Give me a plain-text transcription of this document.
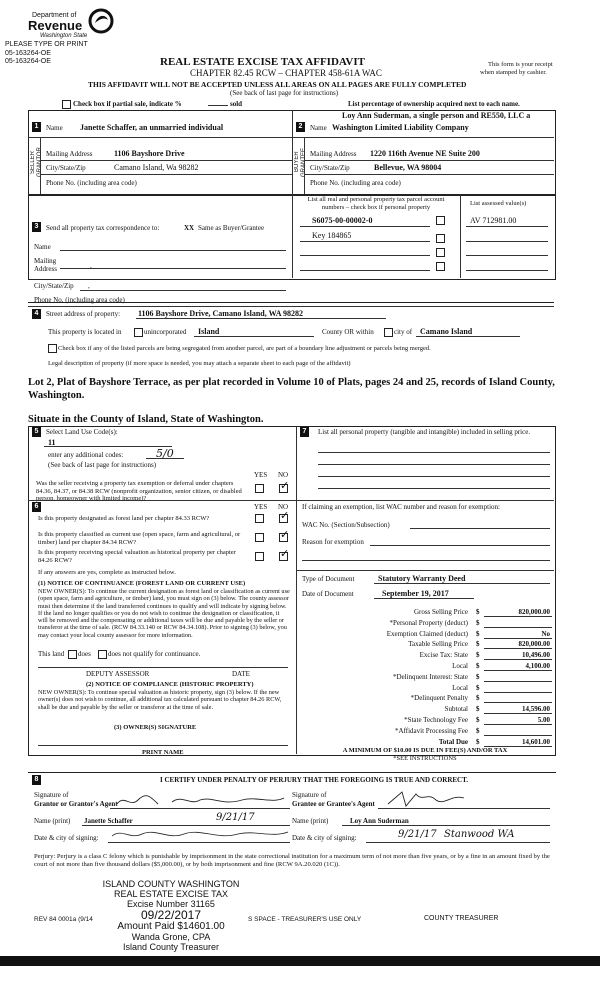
Department of
Revenue
Washington State
PLEASE TYPE OR PRINT
05-163264-OE
05-163264-OE	REAL ESTATE EXCISE TAX AFFIDAVIT
CHAPTER 82.45 RCW – CHAPTER 458-61A WAC
This form is your receipt
when stamped by cashier.
THIS AFFIDAVIT WILL NOT BE ACCEPTED UNLESS ALL AREAS ON ALL PAGES ARE FULLY COMPLETED
(See back of last page for instructions)
Check box if partial sale, indicate %	sold	List percentage of ownership acquired next to each name.
1	Name Janette Schaffer, an unmarried individual
SELLER GRANTOR Mailing Address	1106 Bayshore Drive
City/State/Zip	Camano Island, Wa 98282
Phone No. (including area code)
Loy Ann Suderman, a single person and RE550, LLC a
2	Name Washington Limited Liability Company
BUYER GRANTEE Mailing Address 1220 116th Avenue NE Suite 200
City/State/Zip	Bellevue, WA 98004
Phone No. (including area code)
3	Send all property tax correspondence to:	XX Same as Buyer/Grantee
Name
Mailing Address	,
List all real and personal property tax parcel account numbers – check box if personal property	List assessed value(s)
S6075-00-00002-0	AV 712981.00
Key 184865
City/State/Zip ,
Phone No. (including area code)
4	Street address of property: 1106 Bayshore Drive, Camano Island, WA 98282
This property is located in	unincorporated Island	County OR within	city of Camano Island
Check box if any of the listed parcels are being segregated from another parcel, are part of a boundary line adjustment or parcels being merged.
Legal description of property (if more space is needed, you may attach a separate sheet to each page of the affidavit)
Lot 2, Plat of Bayshore Terrace, as per plat recorded in Volume 10 of Plats, pages 24 and 25, records of Island County, Washington.
Situate in the County of Island, State of Washington.
5	Select Land Use Code(s):
11
enter any additional codes:	5/0
(See back of last page for instructions)
YES NO
Was the seller receiving a property tax exemption or deferral under chapters 84.36, 84.37, or 84.38 RCW (nonprofit organization, senior citizen, or disabled person, homeowner with limited income)?
✓
6	YES NO
Is this property designated as forest land per chapter 84.33 RCW?	✓
Is this property classified as current use (open space, farm and agricultural, or timber) land per chapter 84.34 RCW?
✓
Is this property receiving special valuation as historical property per chapter 84.26 RCW?	✓
If any answers are yes, complete as instructed below.
(1) NOTICE OF CONTINUANCE (FOREST LAND OR CURRENT USE)
NEW OWNER(S): To continue the current designation as forest land or classification as current use (open space, farm and agriculture, or timber) land, you must sign on (3) below. The county assessor must then determine if the land transferred continues to qualify and will indicate by signing below. If the land no longer qualifies or you do not wish to continue the designation or classification, it will be removed and the compensating or additional taxes will be due and payable by the seller or transferor at the time of sale. (RCW 84.33.140 or RCW 84.34.108). Prior to signing (3) below, you may contact your local county assessor for more information.
This land does does not qualify for continuance.
DEPUTY ASSESSOR	DATE
(2) NOTICE OF COMPLIANCE (HISTORIC PROPERTY)
NEW OWNER(S): To continue special valuation as historic property, sign (3) below. If the new owner(s) does not wish to continue, all additional tax calculated pursuant to chapter 84.26 RCW, shall be due and payable by the seller or transferor at the time of sale.
(3) OWNER(S) SIGNATURE
PRINT NAME
7	List all personal property (tangible and intangible) included in selling price.
If claiming an exemption, list WAC number and reason for exemption:
WAC No. (Section/Subsection)
Reason for exemption
Type of Document	Statutory Warranty Deed
Date of Document	September 19, 2017
Gross Selling Price $	820,000.00
*Personal Property (deduct) $
Exemption Claimed (deduct) $	No
Taxable Selling Price $	820,000.00
Excise Tax: State $	10,496.00
Local $	4,100.00
*Delinquent Interest: State $
Local $
*Delinquent Penalty $
Subtotal $	14,596.00
*State Technology Fee $	5.00
*Affidavit Processing Fee $
Total Due $	14,601.00
A MINIMUM OF $10.00 IS DUE IN FEE(S) AND/OR TAX
*SEE INSTRUCTIONS
8	I CERTIFY UNDER PENALTY OF PERJURY THAT THE FOREGOING IS TRUE AND CORRECT.
Signature of
Grantor or Grantor's Agent
Signature of
Grantee or Grantee's Agent
Name (print) Janette Schaffer	9/21/17	Name (print)	Loy Ann Suderman
Date & city of signing:	Date & city of signing:	9/21/17 Stanwood WA
Perjury: Perjury is a class C felony which is punishable by imprisonment in the state correctional institution for a maximum term of not more than five years, or by a fine in an amount fixed by the court of not more than five thousand dollars ($5,000.00), or by both imprisonment and fine (RCW 9A.20.020 (1C)).
ISLAND COUNTY WASHINGTON
REAL ESTATE EXCISE TAX
Excise Number 31165
09/22/2017
Amount Paid $14601.00
Wanda Grone, CPA
Island County Treasurer
REV 84 0001a (9/14	S SPACE - TREASURER'S USE ONLY	COUNTY TREASURER
